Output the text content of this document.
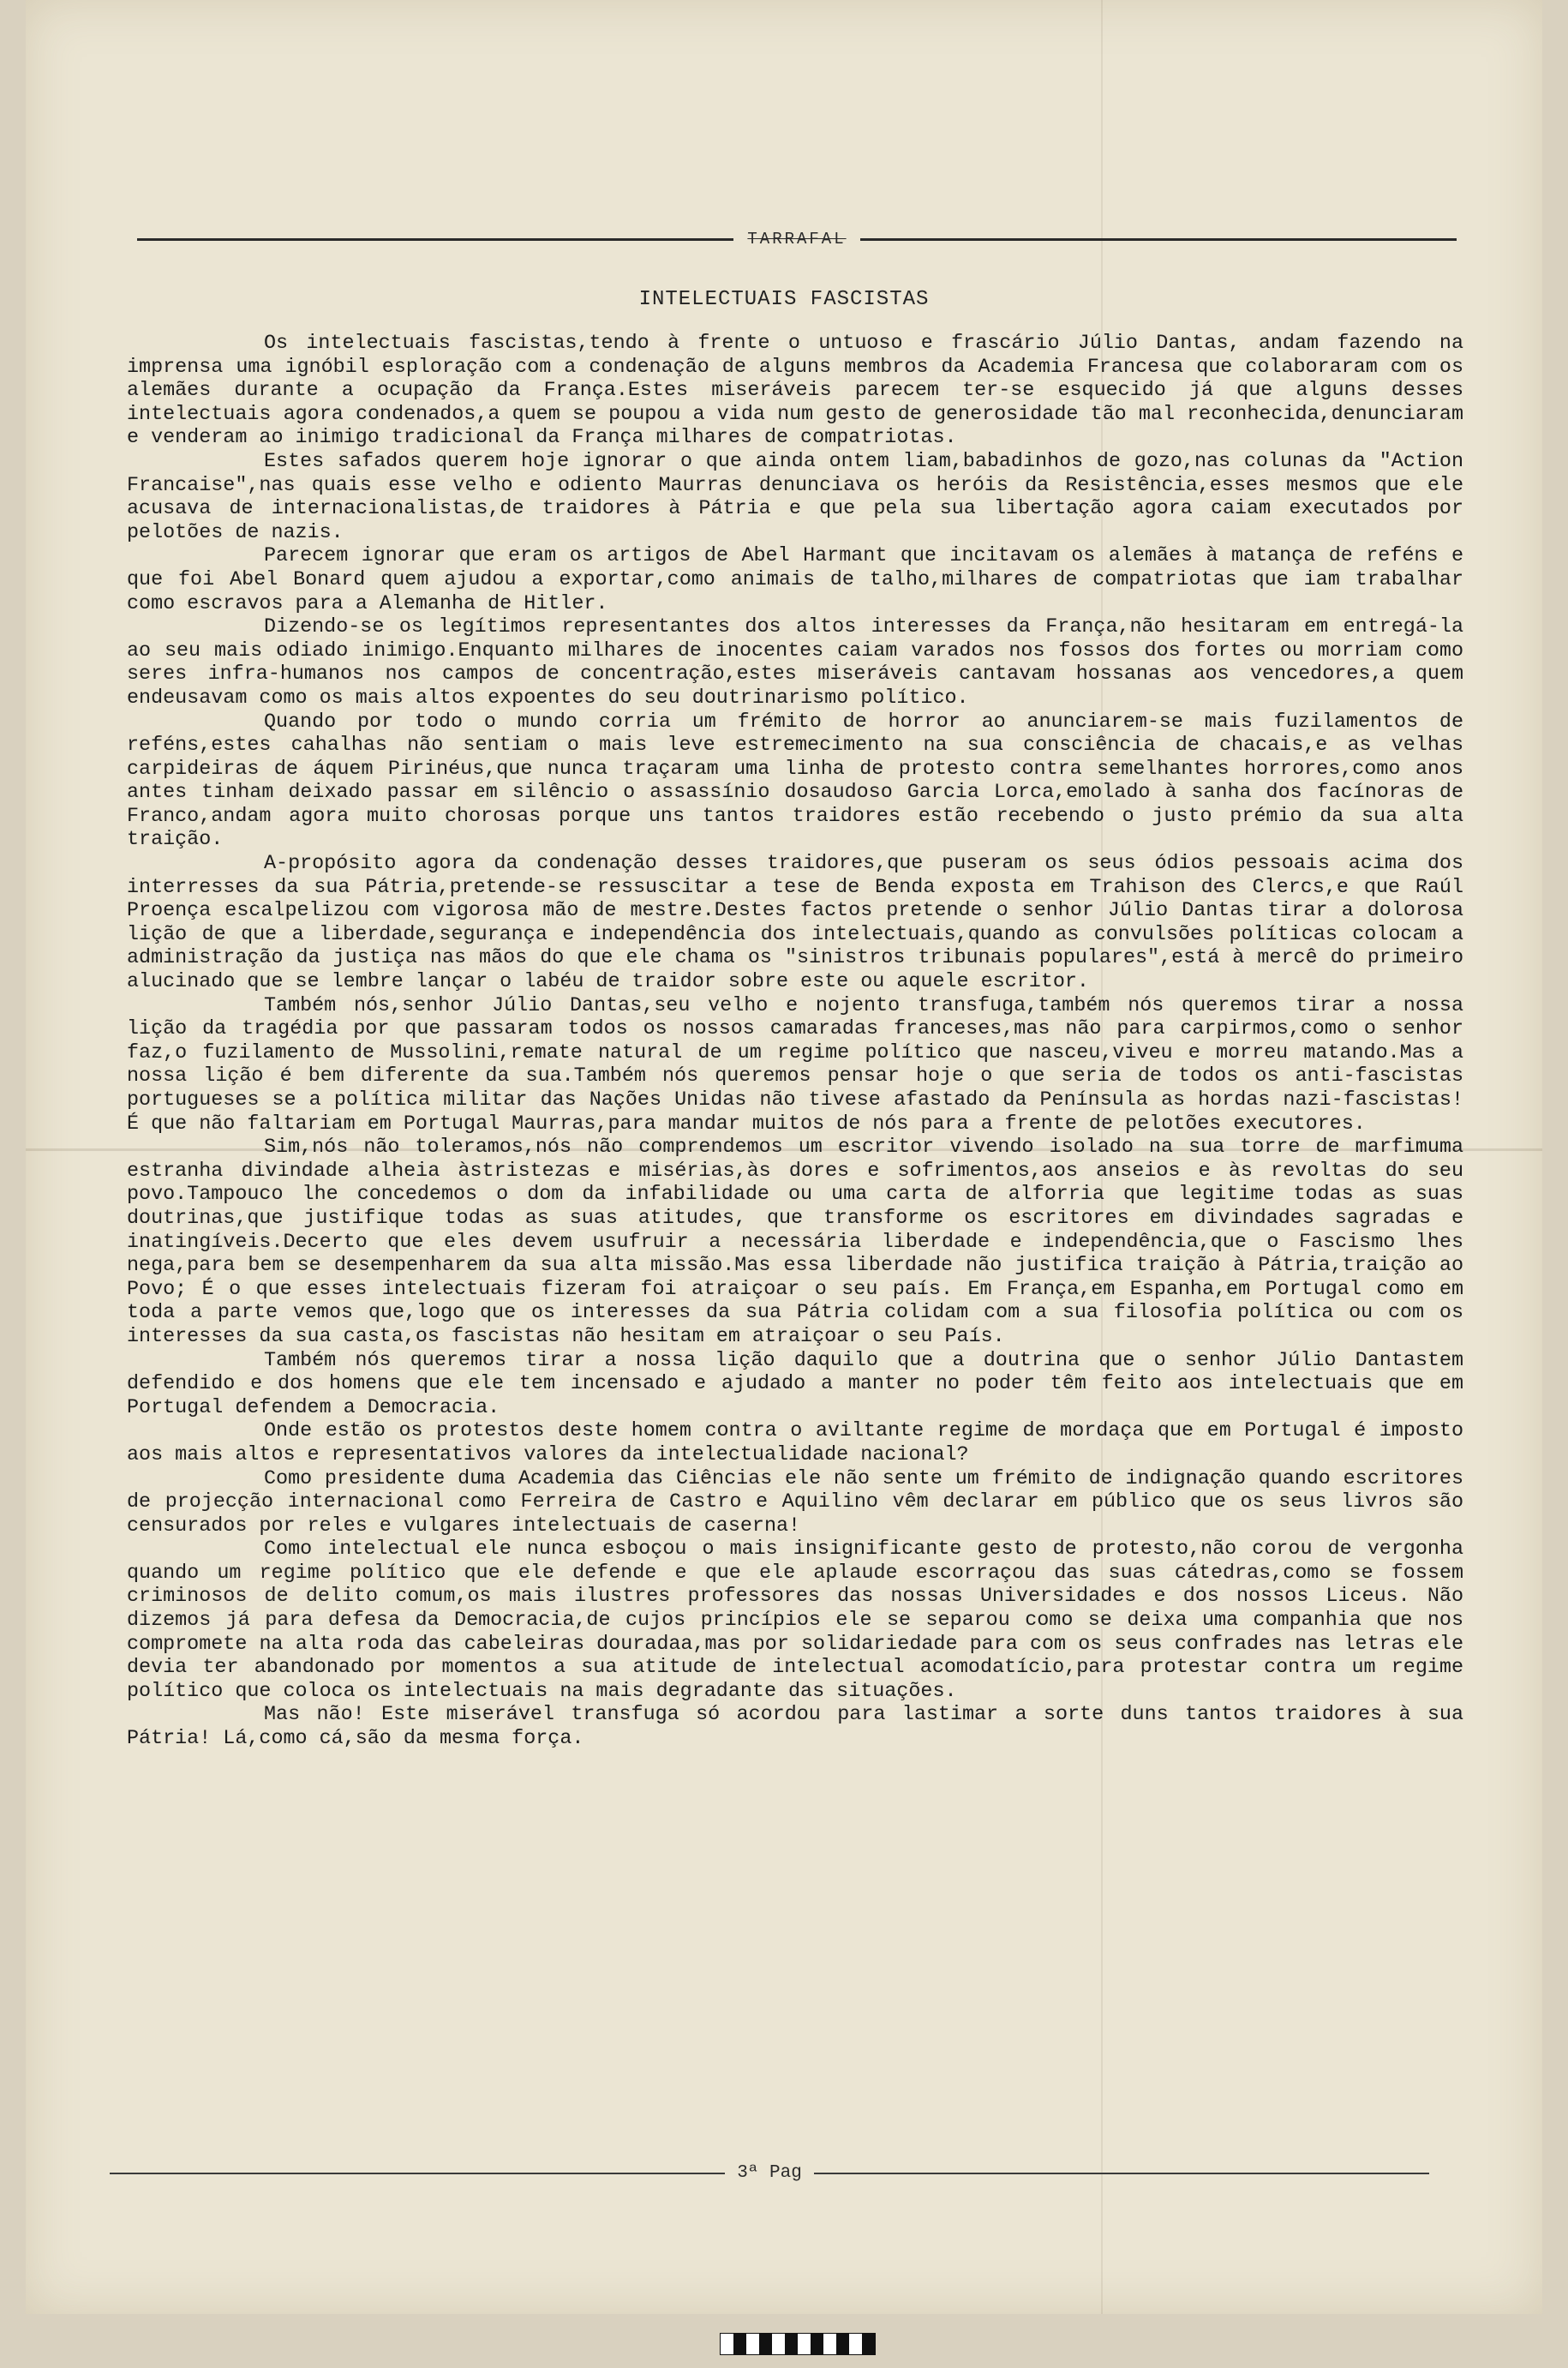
TARRAFAL
INTELECTUAIS FASCISTAS

Os intelectuais fascistas,tendo à frente o untuoso e frascário Júlio Dantas, andam fazendo na imprensa uma ignóbil esploração com a condenação de alguns membros da Academia Francesa que colaboraram com os alemães durante a ocupação da França.Estes miseráveis parecem ter-se esquecido já que alguns desses intelectuais agora condenados,a quem se poupou a vida num gesto de generosidade tão mal reconhecida,denunciaram e venderam ao inimigo tradicional da França milhares de compatriotas.

Estes safados querem hoje ignorar o que ainda ontem liam,babadinhos de gozo,nas colunas da "Action Francaise",nas quais esse velho e odiento Maurras denunciava os heróis da Resistência,esses mesmos que ele acusava de internacionalistas,de traidores à Pátria e que pela sua libertação agora caiam executados por pelotões de nazis.

Parecem ignorar que eram os artigos de Abel Harmant que incitavam os alemães à matança de reféns e que foi Abel Bonard quem ajudou a exportar,como animais de talho,milhares de compatriotas que iam trabalhar como escravos para a Alemanha de Hitler.

Dizendo-se os legítimos representantes dos altos interesses da França,não hesitaram em entregá-la ao seu mais odiado inimigo.Enquanto milhares de inocentes caiam varados nos fossos dos fortes ou morriam como seres infra-humanos nos campos de concentração,estes miseráveis cantavam hossanas aos vencedores,a quem endeusavam como os mais altos expoentes do seu doutrinarismo político.

Quando por todo o mundo corria um frémito de horror ao anunciarem-se mais fuzilamentos de reféns,estes cahalhas não sentiam o mais leve estremecimento na sua consciência de chacais,e as velhas carpideiras de áquem Pirinéus,que nunca traçaram uma linha de protesto contra semelhantes horrores,como anos antes tinham deixado passar em silêncio o assassínio dosaudoso Garcia Lorca,emolado à sanha dos facínoras de Franco,andam agora muito chorosas porque uns tantos traidores estão recebendo o justo prémio da sua alta traição.

A-propósito agora da condenação desses traidores,que puseram os seus ódios pessoais acima dos interresses da sua Pátria,pretende-se ressuscitar a tese de Benda exposta em Trahison des Clercs,e que Raúl Proença escalpelizou com vigorosa mão de mestre.Destes factos pretende o senhor Júlio Dantas tirar a dolorosa lição de que a liberdade,segurança e independência dos intelectuais,quando as convulsões políticas colocam a administração da justiça nas mãos do que ele chama os "sinistros tribunais populares",está à mercê do primeiro alucinado que se lembre lançar o labéu de traidor sobre este ou aquele escritor.

Também nós,senhor Júlio Dantas,seu velho e nojento transfuga,também nós queremos tirar a nossa lição da tragédia por que passaram todos os nossos camaradas franceses,mas não para carpirmos,como o senhor faz,o fuzilamento de Mussolini,remate natural de um regime político que nasceu,viveu e morreu matando.Mas a nossa lição é bem diferente da sua.Também nós queremos pensar hoje o que seria de todos os anti-fascistas portugueses se a política militar das Nações Unidas não tivese afastado da Península as hordas nazi-fascistas! É que não faltariam em Portugal Maurras,para mandar muitos de nós para a frente de pelotões executores.

Sim,nós não toleramos,nós não comprendemos um escritor vivendo isolado na sua torre de marfimuma estranha divindade alheia àstristezas e misérias,às dores e sofrimentos,aos anseios e às revoltas do seu povo.Tampouco lhe concedemos o dom da infabilidade ou uma carta de alforria que legitime todas as suas doutrinas,que justifique todas as suas atitudes, que transforme os escritores em divindades sagradas e inatingíveis.Decerto que eles devem usufruir a necessária liberdade e independência,que o Fascismo lhes nega,para bem se desempenharem da sua alta missão.Mas essa liberdade não justifica traição à Pátria,traição ao Povo; É o que esses intelectuais fizeram foi atraiçoar o seu país. Em França,em Espanha,em Portugal como em toda a parte vemos que,logo que os interesses da sua Pátria colidam com a sua filosofia política ou com os interesses da sua casta,os fascistas não hesitam em atraiçoar o seu País.

Também nós queremos tirar a nossa lição daquilo que a doutrina que o senhor Júlio Dantastem defendido e dos homens que ele tem incensado e ajudado a manter no poder têm feito aos intelectuais que em Portugal defendem a Democracia.

Onde estão os protestos deste homem contra o aviltante regime de mordaça que em Portugal é imposto aos mais altos e representativos valores da intelectualidade nacional?

Como presidente duma Academia das Ciências ele não sente um frémito de indignação quando escritores de projecção internacional como Ferreira de Castro e Aquilino vêm declarar em público que os seus livros são censurados por reles e vulgares intelectuais de caserna!

Como intelectual ele nunca esboçou o mais insignificante gesto de protesto,não corou de vergonha quando um regime político que ele defende e que ele aplaude escorraçou das suas cátedras,como se fossem criminosos de delito comum,os mais ilustres professores das nossas Universidades e dos nossos Liceus. Não dizemos já para defesa da Democracia,de cujos princípios ele se separou como se deixa uma companhia que nos compromete na alta roda das cabeleiras douradaa,mas por solidariedade para com os seus confrades nas letras ele devia ter abandonado por momentos a sua atitude de intelectual acomodatício,para protestar contra um regime político que coloca os intelectuais na mais degradante das situações.

Mas não! Este miserável transfuga só acordou para lastimar a sorte duns tantos traidores à sua Pátria! Lá,como cá,são da mesma força.

3ª Pag
